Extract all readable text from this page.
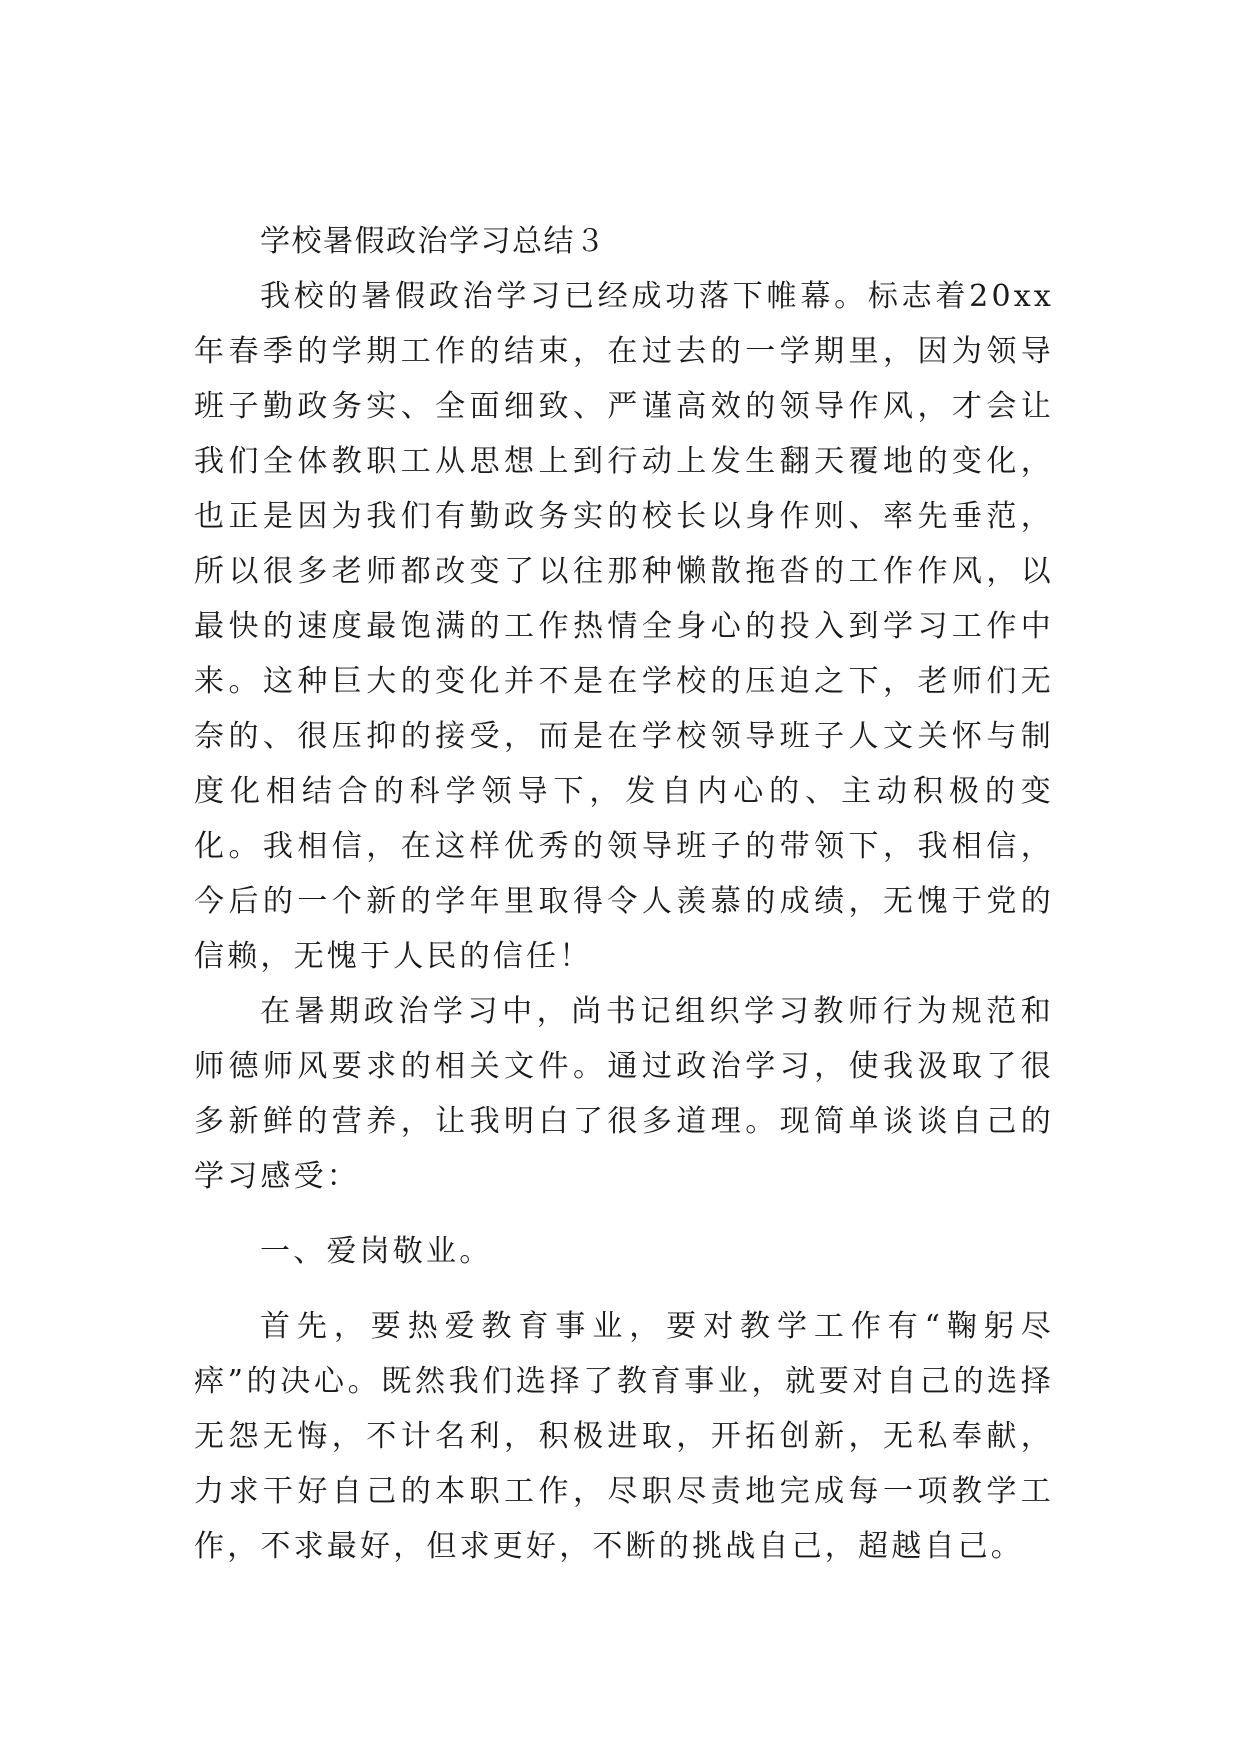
学校暑假政治学习总结３

我校的暑假政治学习已经成功落下帷幕。标志着20xx年春季的学期工作的结束，在过去的一学期里，因为领导班子勤政务实、全面细致、严谨高效的领导作风，才会让我们全体教职工从思想上到行动上发生翻天覆地的变化，也正是因为我们有勤政务实的校长以身作则、率先垂范，所以很多老师都改变了以往那种懒散拖沓的工作作风，以最快的速度最饱满的工作热情全身心的投入到学习工作中来。这种巨大的变化并不是在学校的压迫之下，老师们无奈的、很压抑的接受，而是在学校领导班子人文关怀与制度化相结合的科学领导下，发自内心的、主动积极的变化。我相信，在这样优秀的领导班子的带领下，我相信，今后的一个新的学年里取得令人羡慕的成绩，无愧于党的信赖，无愧于人民的信任！

在暑期政治学习中，尚书记组织学习教师行为规范和师德师风要求的相关文件。通过政治学习，使我汲取了很多新鲜的营养，让我明白了很多道理。现简单谈谈自己的学习感受：

一、爱岗敬业。

首先，要热爱教育事业，要对教学工作有“鞠躬尽瘁”的决心。既然我们选择了教育事业，就要对自己的选择无怨无悔，不计名利，积极进取，开拓创新，无私奉献，力求干好自己的本职工作，尽职尽责地完成每一项教学工作，不求最好，但求更好，不断的挑战自己，超越自己。
